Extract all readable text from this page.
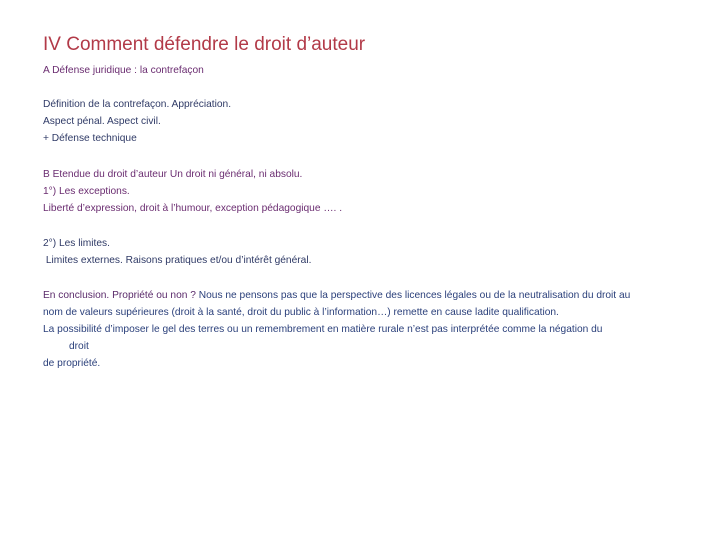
IV Comment défendre le droit d’auteur
A Défense juridique : la contrefaçon
Définition de la contrefaçon. Appréciation.
Aspect pénal. Aspect civil.
+ Défense technique
B Etendue du droit d’auteur Un droit ni général, ni absolu.
1°) Les exceptions.
Liberté d’expression, droit à l’humour, exception pédagogique …. .
2°) Les limites.
Limites externes. Raisons pratiques et/ou d’intérêt général.
En conclusion. Propriété ou non ? Nous ne pensons pas que la perspective des licences légales ou de la neutralisation du droit au
nom de valeurs supérieures (droit à la santé, droit du public à l’information…) remette en cause ladite qualification.
La possibilité d’imposer le gel des terres ou un remembrement en matière rurale n’est pas interprétée comme la négation du
droit
de propriété.
